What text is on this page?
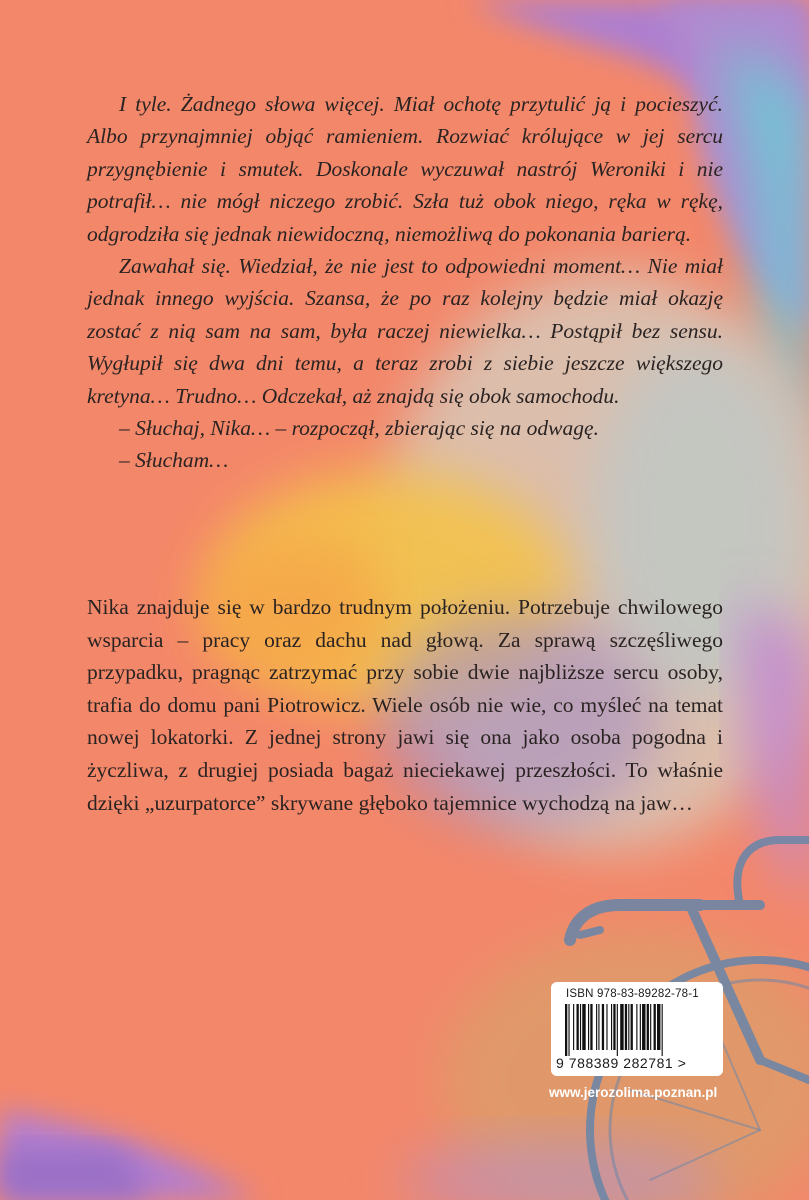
I tyle. Żadnego słowa więcej. Miał ochotę przytulić ją i pocieszyć. Albo przynajmniej objąć ramieniem. Rozwiać królujące w jej sercu przygnębienie i smutek. Doskonale wyczuwał nastrój Weroniki i nie potrafił… nie mógł niczego zrobić. Szła tuż obok niego, ręka w rękę, odgrodziła się jednak niewidoczną, niemożliwą do pokonania barierą.

Zawahał się. Wiedział, że nie jest to odpowiedni moment… Nie miał jednak innego wyjścia. Szansa, że po raz kolejny będzie miał okazję zostać z nią sam na sam, była raczej niewielka… Postąpił bez sensu. Wygłupił się dwa dni temu, a teraz zrobi z siebie jeszcze większego kretyna… Trudno… Odczekał, aż znajdą się obok samochodu.

– Słuchaj, Nika… – rozpoczął, zbierając się na odwagę.

– Słucham…

Nika znajduje się w bardzo trudnym położeniu. Potrzebuje chwilowego wsparcia – pracy oraz dachu nad głową. Za sprawą szczęśliwego przypadku, pragnąc zatrzymać przy sobie dwie najbliższe sercu osoby, trafia do domu pani Piotrowicz. Wiele osób nie wie, co myśleć na temat nowej lokatorki. Z jednej strony jawi się ona jako osoba pogodna i życzliwa, z drugiej posiada bagaż nieciekawej przeszłości. To właśnie dzięki „uzurpatorce” skrywane głęboko tajemnice wychodzą na jaw…

ISBN 978-83-89282-78-1
9 788389 282781 >
www.jerozolima.poznan.pl
